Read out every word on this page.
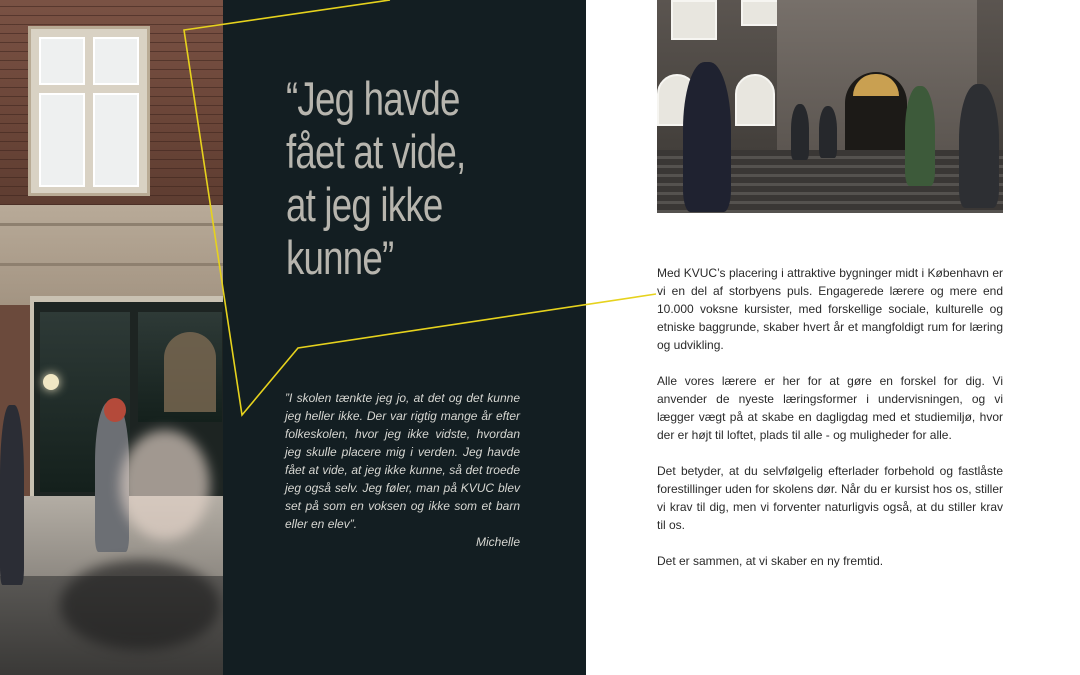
“Jeg havde
fået at vide,
at jeg ikke
kunne”

”I skolen tænkte jeg jo, at det og det kunne jeg heller ikke. Der var rigtig mange år efter folkeskolen, hvor jeg ikke vidste, hvordan jeg skulle placere mig i verden. Jeg havde fået at vide, at jeg ikke kunne, så det troede jeg også selv. Jeg føler, man på KVUC blev set på som en voksen og ikke som et barn eller en elev”.

Michelle

Med KVUC’s placering i attraktive bygninger midt i København er vi en del af storbyens puls. Engagerede lærere og mere end 10.000 voksne kursister, med forskellige sociale, kulturelle og etniske baggrunde, skaber hvert år et mangfoldigt rum for læring og udvikling.

Alle vores lærere er her for at gøre en forskel for dig. Vi anvender de nyeste læringsformer i undervisningen, og vi lægger vægt på at skabe en dagligdag med et studiemiljø, hvor der er højt til loftet, plads til alle - og muligheder for alle.

Det betyder, at du selvfølgelig efterlader forbehold og fastlåste forestillinger uden for skolens dør. Når du er kursist hos os, stiller vi krav til dig, men vi forventer naturligvis også, at du stiller krav til os.

Det er sammen, at vi skaber en ny fremtid.
